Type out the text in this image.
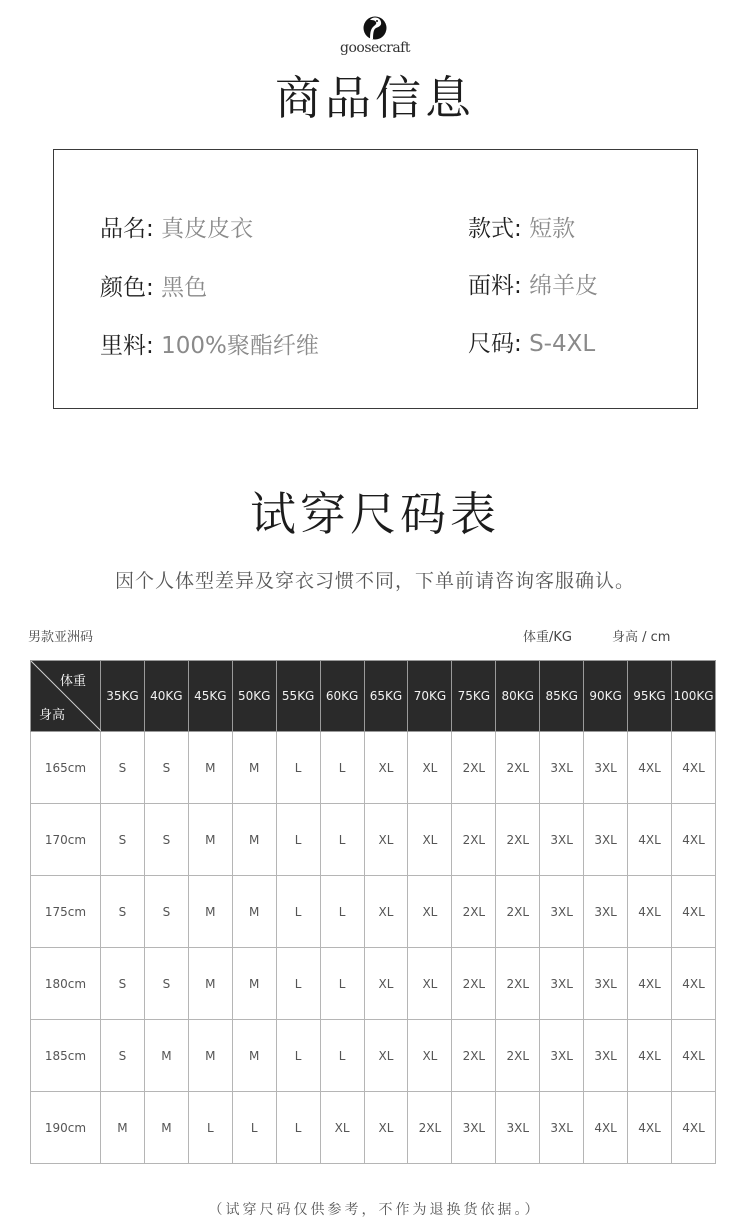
goosecraft
商品信息
品名: 真皮皮衣	款式: 短款
颜色: 黑色	面料: 绵羊皮
里料: 100%聚酯纤维	尺码: S-4XL
试穿尺码表
因个人体型差异及穿衣习惯不同，下单前请咨询客服确认。
男款亚洲码	体重/KG	身高 / cm
体重
身高	35KG	40KG	45KG	50KG	55KG	60KG	65KG	70KG	75KG	80KG	85KG	90KG	95KG	100KG
165cm	S	S	M	M	L	L	XL	XL	2XL	2XL	3XL	3XL	4XL	4XL
170cm	S	S	M	M	L	L	XL	XL	2XL	2XL	3XL	3XL	4XL	4XL
175cm	S	S	M	M	L	L	XL	XL	2XL	2XL	3XL	3XL	4XL	4XL
180cm	S	S	M	M	L	L	XL	XL	2XL	2XL	3XL	3XL	4XL	4XL
185cm	S	M	M	M	L	L	XL	XL	2XL	2XL	3XL	3XL	4XL	4XL
190cm	M	M	L	L	L	XL	XL	2XL	3XL	3XL	3XL	4XL	4XL	4XL
（试穿尺码仅供参考，不作为退换货依据。）
